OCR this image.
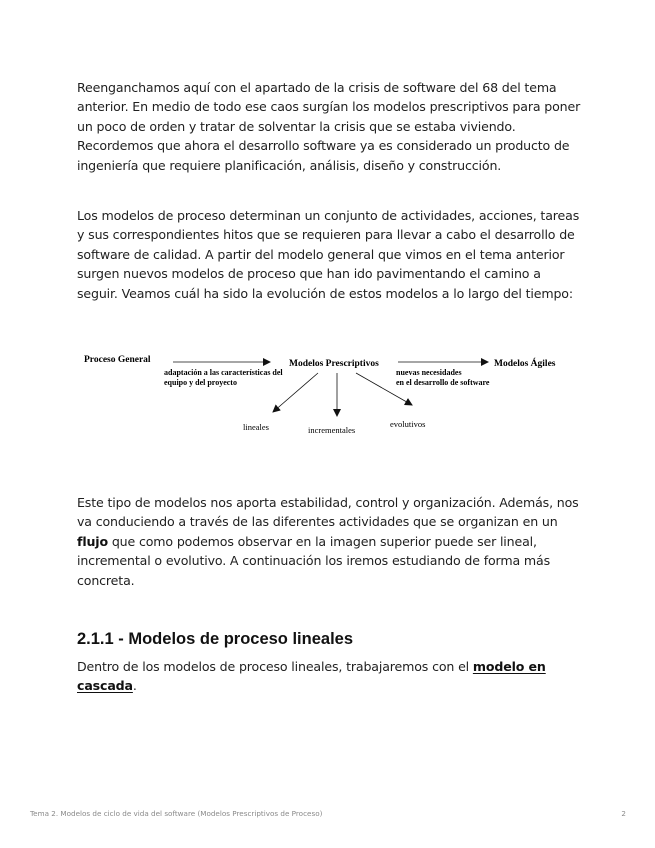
Reenganchamos aquí con el apartado de la crisis de software del 68 del tema anterior. En medio de todo ese caos surgían los modelos prescriptivos para poner un poco de orden y tratar de solventar la crisis que se estaba viviendo. Recordemos que ahora el desarrollo software ya es considerado un producto de ingeniería que requiere planificación, análisis, diseño y construcción.

Los modelos de proceso determinan un conjunto de actividades, acciones, tareas y sus correspondientes hitos que se requieren para llevar a cabo el desarrollo de software de calidad. A partir del modelo general que vimos en el tema anterior surgen nuevos modelos de proceso que han ido pavimentando el camino a seguir. Veamos cuál ha sido la evolución de estos modelos a lo largo del tiempo:

Proceso General
adaptación a las características del
equipo y del proyecto
Modelos Prescriptivos
nuevas necesidades
en el desarrollo de software
Modelos Ágiles
lineales	incrementales
evolutivos

Este tipo de modelos nos aporta estabilidad, control y organización. Además, nos va conduciendo a través de las diferentes actividades que se organizan en un flujo que como podemos observar en la imagen superior puede ser lineal, incremental o evolutivo. A continuación los iremos estudiando de forma más concreta.

2.1.1 - Modelos de proceso lineales

Dentro de los modelos de proceso lineales, trabajaremos con el modelo en cascada.

Tema 2. Modelos de ciclo de vida del software (Modelos Prescriptivos de Proceso)	2
